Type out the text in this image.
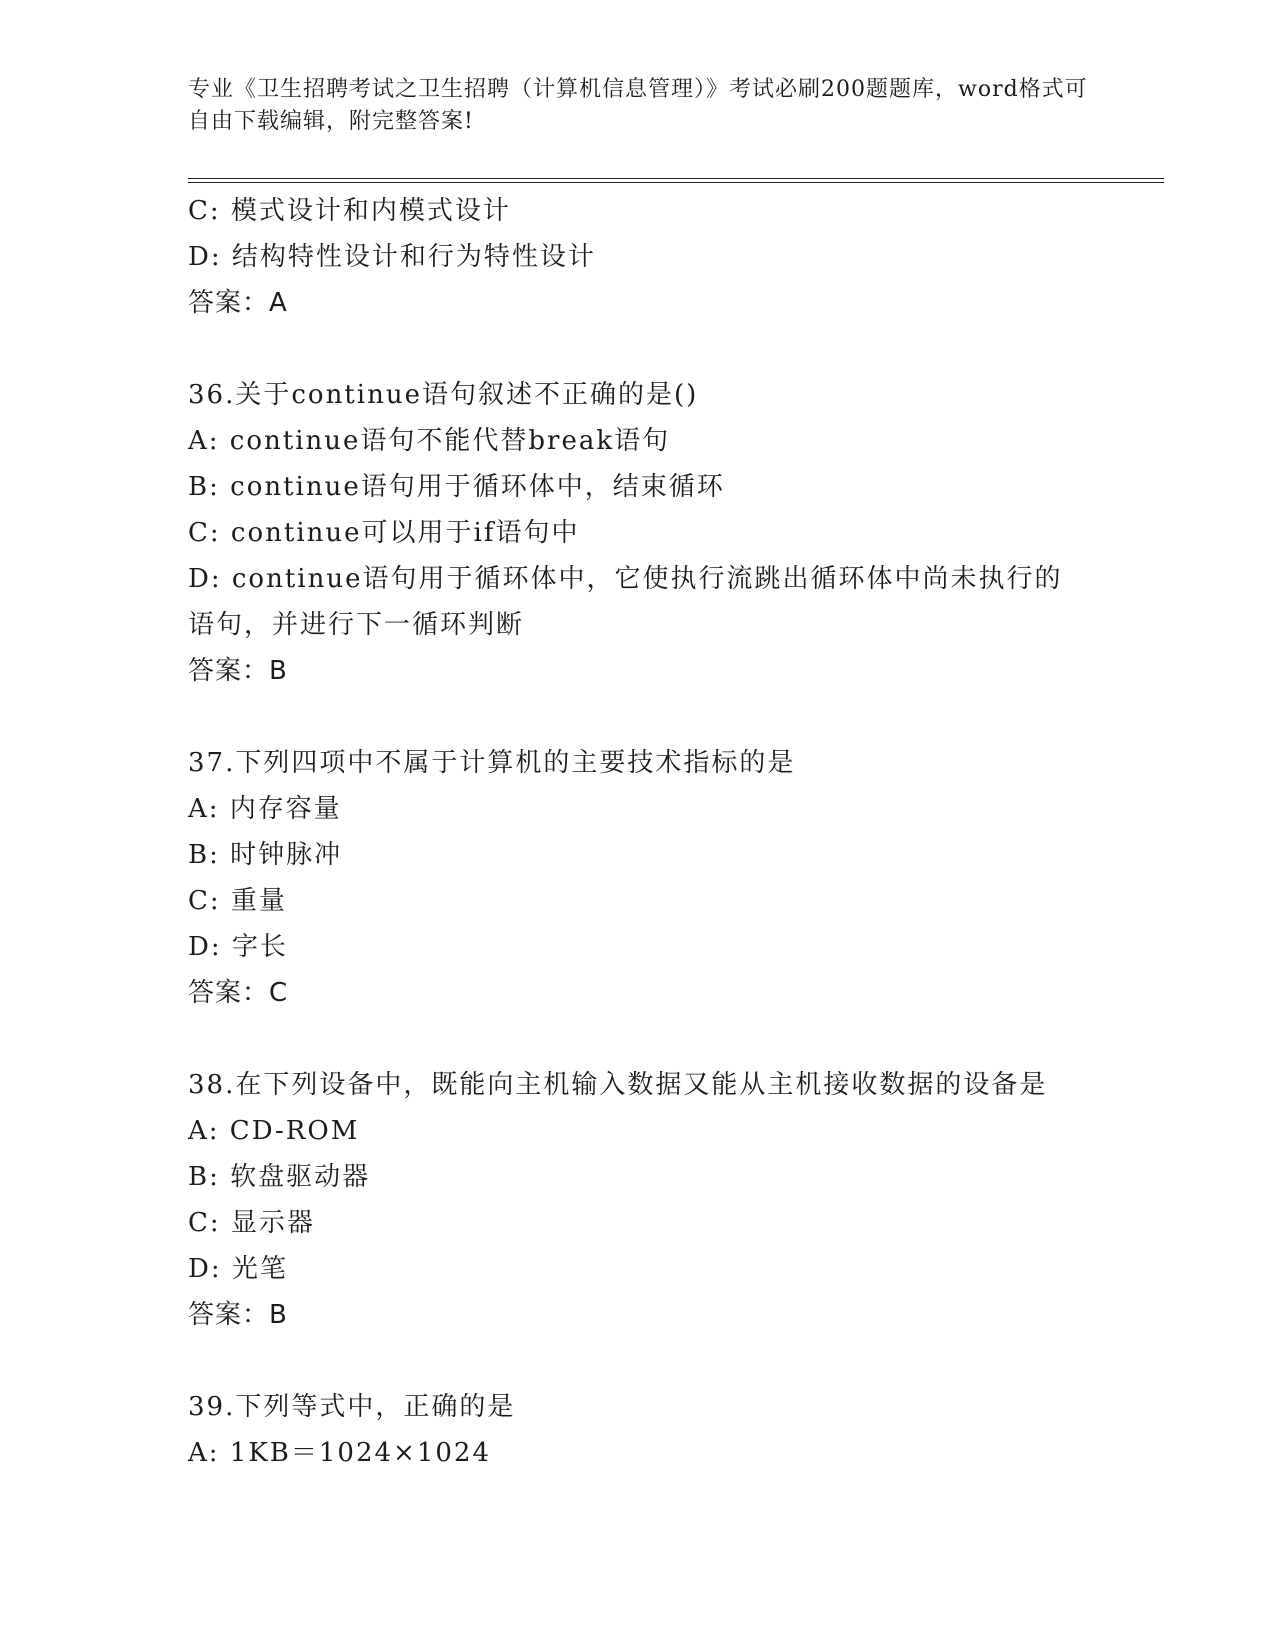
专业《卫生招聘考试之卫生招聘（计算机信息管理）》考试必刷200题题库，word格式可自由下载编辑，附完整答案!
C: 模式设计和内模式设计
D: 结构特性设计和行为特性设计
答案：A
36.关于continue语句叙述不正确的是()
A: continue语句不能代替break语句
B: continue语句用于循环体中，结束循环
C: continue可以用于if语句中
D: continue语句用于循环体中，它使执行流跳出循环体中尚未执行的语句，并进行下一循环判断
答案：B
37.下列四项中不属于计算机的主要技术指标的是
A: 内存容量
B: 时钟脉冲
C: 重量
D: 字长
答案：C
38.在下列设备中，既能向主机输入数据又能从主机接收数据的设备是
A: CD-ROM
B: 软盘驱动器
C: 显示器
D: 光笔
答案：B
39.下列等式中，正确的是
A: 1KB＝1024×1024
